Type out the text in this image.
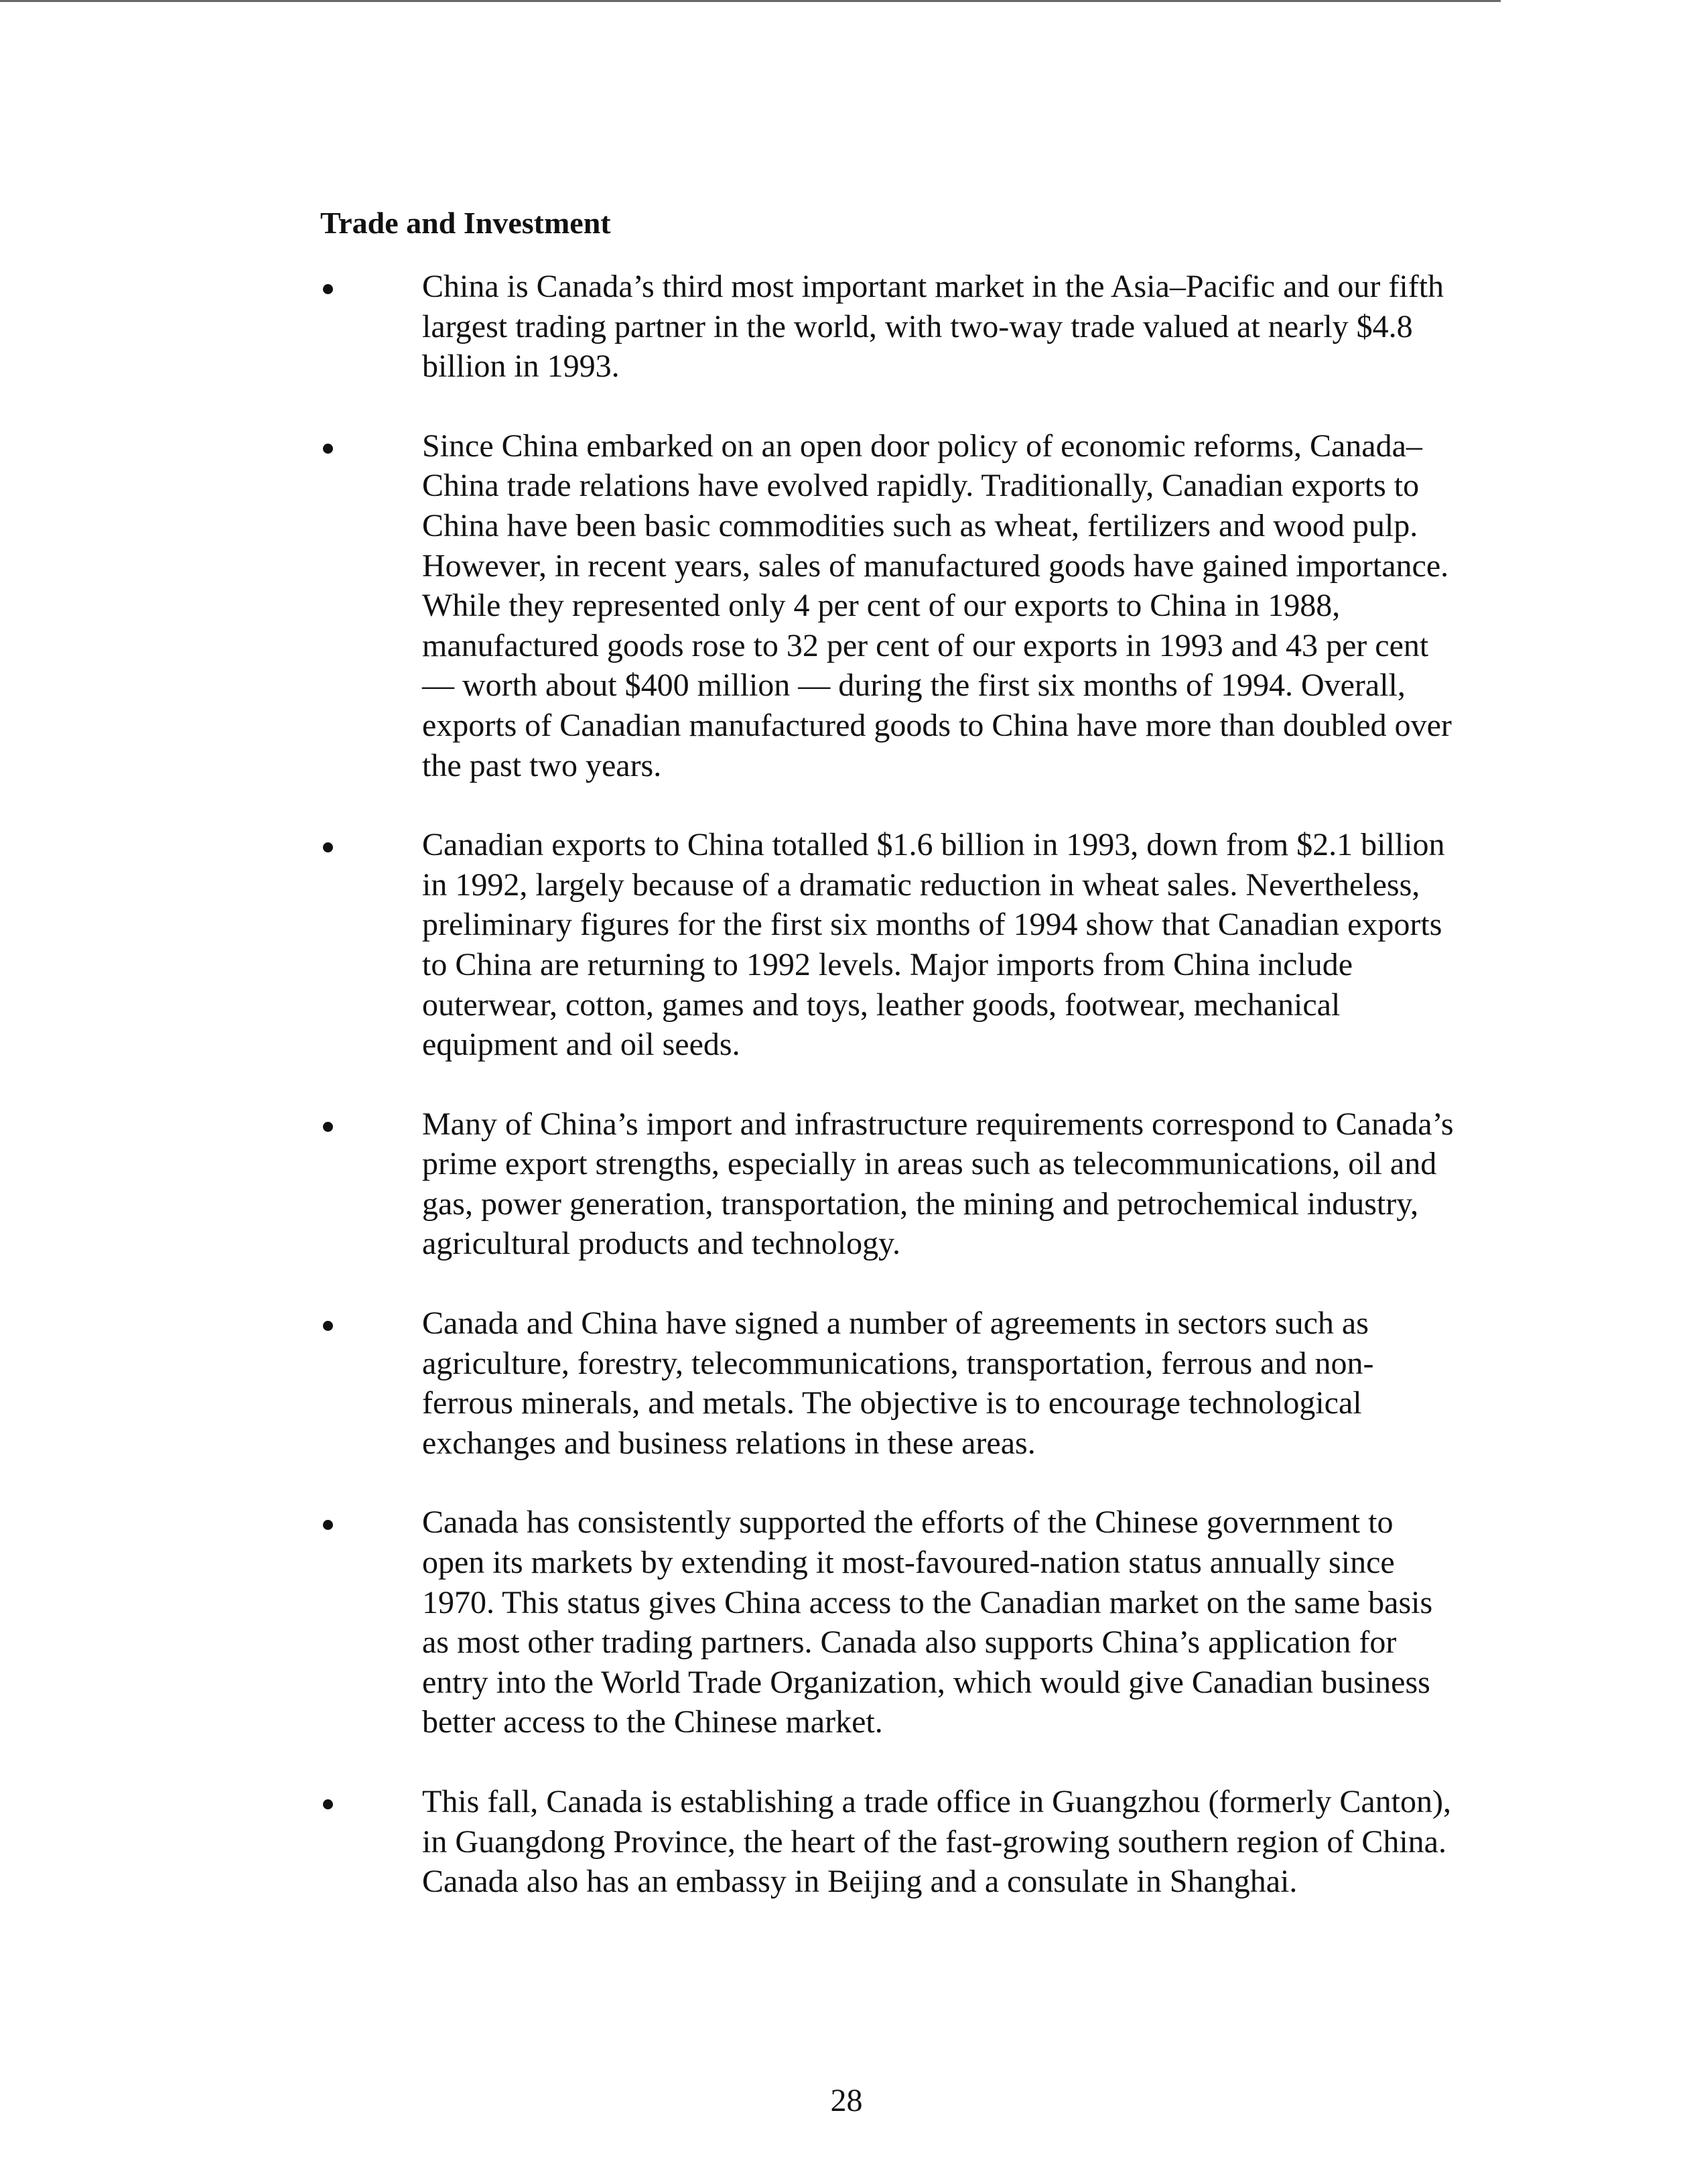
Trade and Investment
China is Canada’s third most important market in the Asia–Pacific and our fifth largest trading partner in the world, with two-way trade valued at nearly $4.8 billion in 1993.
Since China embarked on an open door policy of economic reforms, Canada–China trade relations have evolved rapidly. Traditionally, Canadian exports to China have been basic commodities such as wheat, fertilizers and wood pulp. However, in recent years, sales of manufactured goods have gained importance. While they represented only 4 per cent of our exports to China in 1988, manufactured goods rose to 32 per cent of our exports in 1993 and 43 per cent — worth about $400 million — during the first six months of 1994. Overall, exports of Canadian manufactured goods to China have more than doubled over the past two years.
Canadian exports to China totalled $1.6 billion in 1993, down from $2.1 billion in 1992, largely because of a dramatic reduction in wheat sales. Nevertheless, preliminary figures for the first six months of 1994 show that Canadian exports to China are returning to 1992 levels. Major imports from China include outerwear, cotton, games and toys, leather goods, footwear, mechanical equipment and oil seeds.
Many of China’s import and infrastructure requirements correspond to Canada’s prime export strengths, especially in areas such as telecommunications, oil and gas, power generation, transportation, the mining and petrochemical industry, agricultural products and technology.
Canada and China have signed a number of agreements in sectors such as agriculture, forestry, telecommunications, transportation, ferrous and non-ferrous minerals, and metals. The objective is to encourage technological exchanges and business relations in these areas.
Canada has consistently supported the efforts of the Chinese government to open its markets by extending it most-favoured-nation status annually since 1970. This status gives China access to the Canadian market on the same basis as most other trading partners. Canada also supports China’s application for entry into the World Trade Organization, which would give Canadian business better access to the Chinese market.
This fall, Canada is establishing a trade office in Guangzhou (formerly Canton), in Guangdong Province, the heart of the fast-growing southern region of China. Canada also has an embassy in Beijing and a consulate in Shanghai.
28
